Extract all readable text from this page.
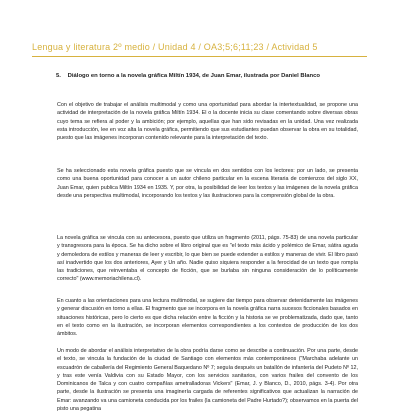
Lengua y literatura 2º medio / Unidad 4 / OA3;5;6;11;23 / Actividad 5
5. Diálogo en torno a la novela gráfica Miltín 1934, de Juan Emar, ilustrada por Daniel Blanco
Con el objetivo de trabajar el análisis multimodal y como una oportunidad para abordar la intertextualidad, se propone una actividad de interpretación de la novela gráfica Miltín 1934. El o la docente inicia su clase comentando sobre diversas obras cuyo tema se refiera al poder y la ambición; por ejemplo, aquellas que han sido revisadas en la unidad. Una vez realizada esta introducción, lee en voz alta la novela gráfica, permitiendo que sus estudiantes puedan observar la obra en su totalidad, puesto que las imágenes incorporan contenido relevante para la interpretación del texto.
Se ha seleccionado esta novela gráfica puesto que se vincula en dos sentidos con los lectores: por un lado, se presenta como una buena oportunidad para conocer a un autor chileno particular en la escena literaria de comienzos del siglo XX, Juan Emar, quien publica Miltín 1934 en 1935. Y, por otra, la posibilidad de leer los textos y las imágenes de la novela gráfica desde una perspectiva multimodal, incorporando los textos y las ilustraciones para la comprensión global de la obra.
La novela gráfica se vincula con su antecesora, puesto que utiliza un fragmento (2011, págs. 75-83) de una novela particular y transgresora para la época. Se ha dicho sobre el libro original que es "el texto más ácido y polémico de Emar, sátira aguda y demoledora de estilos y maneras de leer y escribir, lo que bien se puede extender a estilos y maneras de vivir. El libro pasó así inadvertido que los dos anteriores, Ayer y Un año. Nadie quiso siquiera responder a la ferocidad de un texto que rompía las tradiciones, que reinventaba el concepto de ficción, que se burlaba sin ninguna consideración de lo políticamente correcto" (www.memoriachilena.cl).
En cuanto a las orientaciones para una lectura multimodal, se sugiere dar tiempo para observar detenidamente las imágenes y generar discusión en torno a ellas. El fragmento que se incorpora en la novela gráfica narra sucesos ficcionales basados en situaciones históricas, pero lo cierto es que dicha relación entre la ficción y la historia se ve problematizada, dado que, tanto en el texto como en la ilustración, se incorporan elementos correspondientes a los contextos de producción de los dos ámbitos.
Un modo de abordar el análisis interpretativo de la obra podría darse como se describe a continuación. Por una parte, desde el texto, se vincula la fundación de la ciudad de Santiago con elementos más contemporáneos ("Marchaba adelante un escuadrón de caballería del Regimiento General Baquedano Nº 7; seguía después un batallón de infantería del Pudeto Nº 12, y tras este venía Valdivia con su Estado Mayor, con los servicios sanitarios, con varios frailes del convento de los Dominicanos de Talca y con cuatro compañías ametralladoras Vickers" (Emar, J. y Blanco, D., 2010, págs. 3-4). Por otra parte, desde la ilustración se presenta una imaginería cargada de referentes significativos que actualizan la narración de Emar: avanzando va una camioneta conducida por los frailes (la camioneta del Padre Hurtado?); observamos en la puerta del pisto una pegatina
